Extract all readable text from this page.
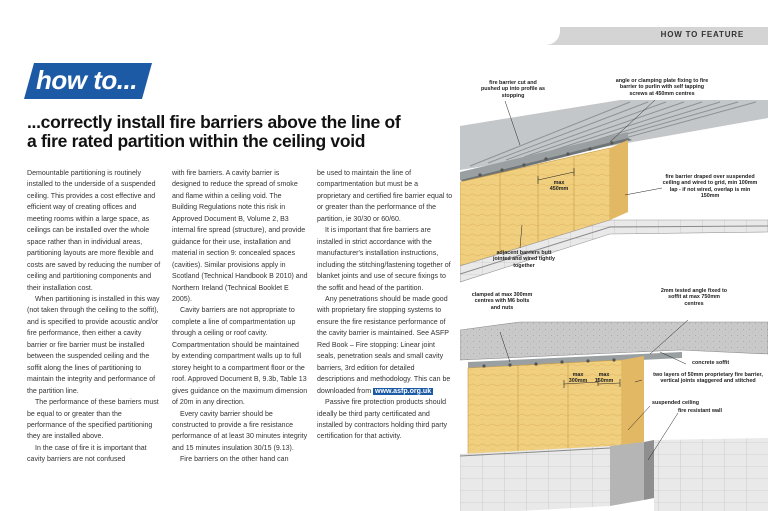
HOW TO FEATURE
how to...
...correctly install fire barriers above the line of
a fire rated partition within the ceiling void

Demountable partitioning is routinely installed to the underside of a suspended ceiling. This provides a cost effective and efficient way of creating offices and meeting rooms within a large space, as ceilings can be installed over the whole space rather than in individual areas, partitioning layouts are more flexible and costs are saved by reducing the number of ceiling and partitioning components and their installation cost.

When partitioning is installed in this way (not taken through the ceiling to the soffit), and is specified to provide acoustic and/or fire performance, then either a cavity barrier or fire barrier must be installed between the suspended ceiling and the soffit along the lines of partitioning to maintain the integrity and performance of the partition line.

The performance of these barriers must be equal to or greater than the performance of the specified partitioning they are installed above.

In the case of fire it is important that cavity barriers are not confused

with fire barriers. A cavity barrier is designed to reduce the spread of smoke and flame within a ceiling void. The Building Regulations note this risk in Approved Document B, Volume 2, B3 internal fire spread (structure), and provide guidance for their use, installation and material in section 9: concealed spaces (cavities). Similar provisions apply in Scotland (Technical Handbook B 2010) and Northern Ireland (Technical Booklet E 2005).

Cavity barriers are not appropriate to complete a line of compartmentation up through a ceiling or roof cavity. Compartmentation should be maintained by extending compartment walls up to full storey height to a compartment floor or the roof. Approved Document B, 9.3b, Table 13 gives guidance on the maximum dimension of 20m in any direction.

Every cavity barrier should be constructed to provide a fire resistance performance of at least 30 minutes integrity and 15 minutes insulation 30/15 (9.13).

Fire barriers on the other hand can

be used to maintain the line of compartmentation but must be a proprietary and certified fire barrier equal to or greater than the performance of the partition, ie 30/30 or 60/60.

It is important that fire barriers are installed in strict accordance with the manufacturer's installation instructions, including the stitching/fastening together of blanket joints and use of secure fixings to the soffit and head of the partition.

Any penetrations should be made good with proprietary fire stopping systems to ensure the fire resistance performance of the cavity barrier is maintained. See ASFP Red Book – Fire stopping: Linear joint seals, penetration seals and small cavity barriers, 3rd edition for detailed descriptions and methodology. This can be downloaded from www.asfp.org.uk

Passive fire protection products should ideally be third party certificated and installed by contractors holding third party certification for that activity.

fire barrier cut and pushed up into profile as stopping
angle or clamping plate fixing to fire barrier to purlin with self tapping screws at 450mm centres
max
450mm
fire barrier draped over suspended ceiling and wired to grid, min 100mm lap - if not wired, overlap is min 150mm
adjacent barriers butt jointed and wired tightly together
clamped at max 300mm centres with M6 bolts and nuts
2mm tested angle fixed to soffit at max 750mm centres
concrete soffit
max
300mm
max
150mm
two layers of 50mm proprietary fire barrier, vertical joints staggered and stitched
suspended ceiling
fire resistant wall
